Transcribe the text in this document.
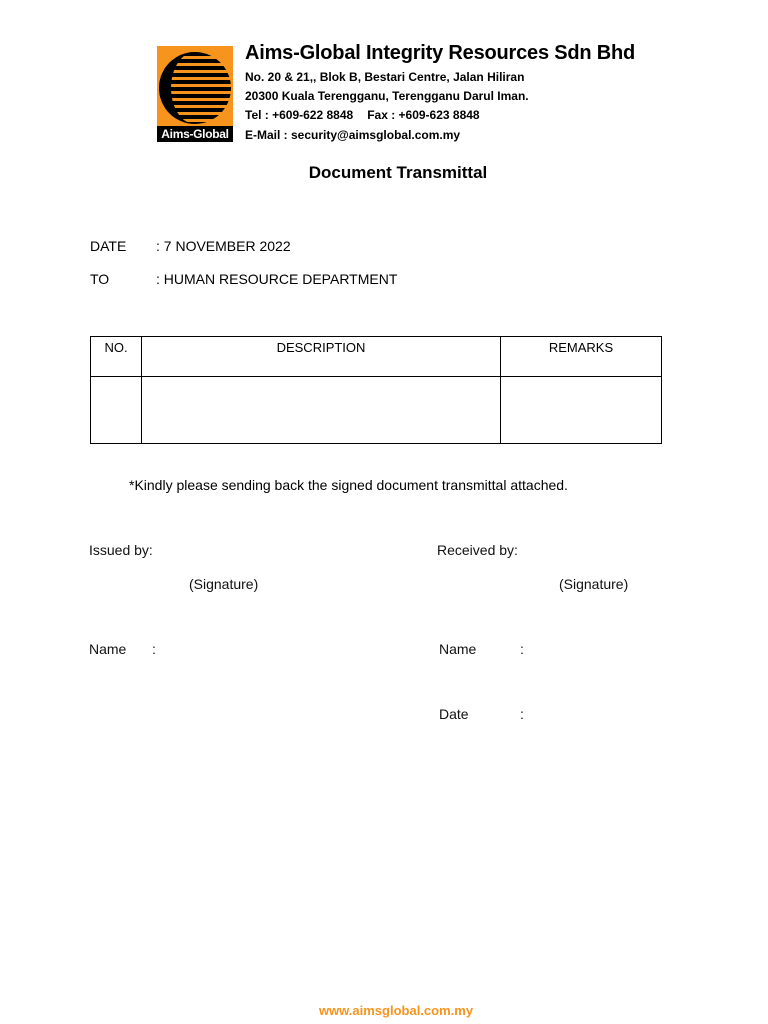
Aims-Global
Aims-Global Integrity Resources Sdn Bhd
No. 20 & 21,, Blok B, Bestari Centre, Jalan Hiliran
20300 Kuala Terengganu, Terengganu Darul Iman.
Tel : +609-622 8848 Fax : +609-623 8848
E-Mail : security@aimsglobal.com.my
Document Transmittal
DATE : 7 NOVEMBER 2022
TO	: HUMAN RESOURCE DEPARTMENT
NO.	DESCRIPTION	REMARKS

*Kindly please sending back the signed document transmittal attached.
Issued by:	Received by:
(Signature)	(Signature)
Name :	Name	:
Date	:
www.aimsglobal.com.my
